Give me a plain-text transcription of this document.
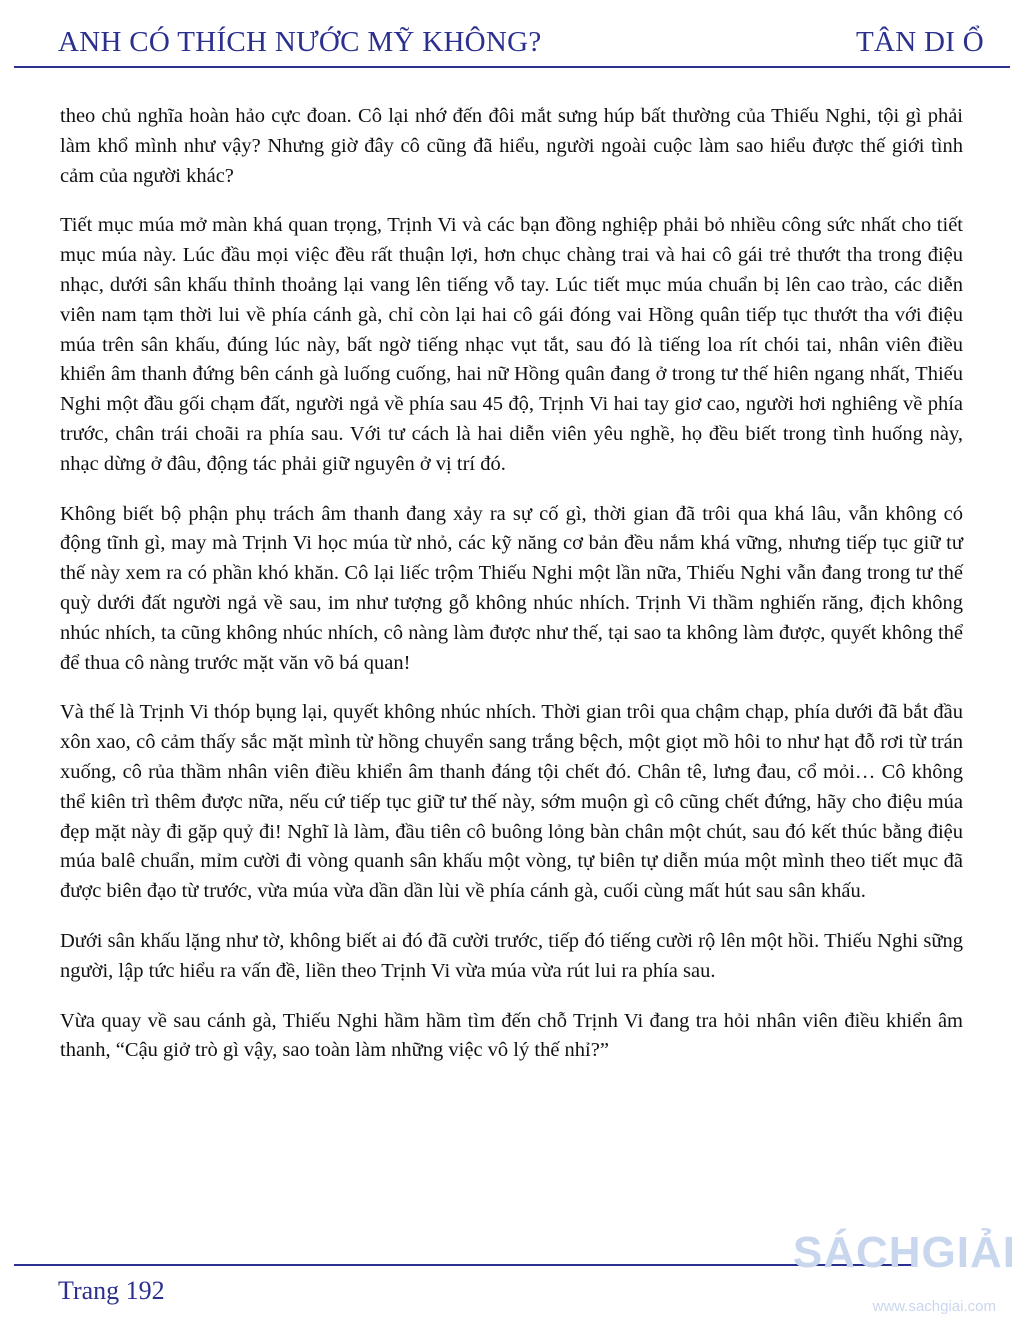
ANH CÓ THÍCH NƯỚC MỸ KHÔNG?	TÂN DI Ổ

theo chủ nghĩa hoàn hảo cực đoan. Cô lại nhớ đến đôi mắt sưng húp bất thường của Thiếu Nghi, tội gì phải làm khổ mình như vậy? Nhưng giờ đây cô cũng đã hiểu, người ngoài cuộc làm sao hiểu được thế giới tình cảm của người khác?

Tiết mục múa mở màn khá quan trọng, Trịnh Vi và các bạn đồng nghiệp phải bỏ nhiều công sức nhất cho tiết mục múa này. Lúc đầu mọi việc đều rất thuận lợi, hơn chục chàng trai và hai cô gái trẻ thướt tha trong điệu nhạc, dưới sân khấu thỉnh thoảng lại vang lên tiếng vỗ tay. Lúc tiết mục múa chuẩn bị lên cao trào, các diễn viên nam tạm thời lui về phía cánh gà, chỉ còn lại hai cô gái đóng vai Hồng quân tiếp tục thướt tha với điệu múa trên sân khấu, đúng lúc này, bất ngờ tiếng nhạc vụt tắt, sau đó là tiếng loa rít chói tai, nhân viên điều khiển âm thanh đứng bên cánh gà luống cuống, hai nữ Hồng quân đang ở trong tư thế hiên ngang nhất, Thiếu Nghi một đầu gối chạm đất, người ngả về phía sau 45 độ, Trịnh Vi hai tay giơ cao, người hơi nghiêng về phía trước, chân trái choãi ra phía sau. Với tư cách là hai diễn viên yêu nghề, họ đều biết trong tình huống này, nhạc dừng ở đâu, động tác phải giữ nguyên ở vị trí đó.

Không biết bộ phận phụ trách âm thanh đang xảy ra sự cố gì, thời gian đã trôi qua khá lâu, vẫn không có động tĩnh gì, may mà Trịnh Vi học múa từ nhỏ, các kỹ năng cơ bản đều nắm khá vững, nhưng tiếp tục giữ tư thế này xem ra có phần khó khăn. Cô lại liếc trộm Thiếu Nghi một lần nữa, Thiếu Nghi vẫn đang trong tư thế quỳ dưới đất người ngả về sau, im như tượng gỗ không nhúc nhích. Trịnh Vi thầm nghiến răng, địch không nhúc nhích, ta cũng không nhúc nhích, cô nàng làm được như thế, tại sao ta không làm được, quyết không thể để thua cô nàng trước mặt văn võ bá quan!

Và thế là Trịnh Vi thóp bụng lại, quyết không nhúc nhích. Thời gian trôi qua chậm chạp, phía dưới đã bắt đầu xôn xao, cô cảm thấy sắc mặt mình từ hồng chuyển sang trắng bệch, một giọt mồ hôi to như hạt đỗ rơi từ trán xuống, cô rủa thầm nhân viên điều khiển âm thanh đáng tội chết đó. Chân tê, lưng đau, cổ mỏi… Cô không thể kiên trì thêm được nữa, nếu cứ tiếp tục giữ tư thế này, sớm muộn gì cô cũng chết đứng, hãy cho điệu múa đẹp mặt này đi gặp quỷ đi! Nghĩ là làm, đầu tiên cô buông lỏng bàn chân một chút, sau đó kết thúc bằng điệu múa balê chuẩn, mỉm cười đi vòng quanh sân khấu một vòng, tự biên tự diễn múa một mình theo tiết mục đã được biên đạo từ trước, vừa múa vừa dần dần lùi về phía cánh gà, cuối cùng mất hút sau sân khấu.

Dưới sân khấu lặng như tờ, không biết ai đó đã cười trước, tiếp đó tiếng cười rộ lên một hồi. Thiếu Nghi sững người, lập tức hiểu ra vấn đề, liền theo Trịnh Vi vừa múa vừa rút lui ra phía sau.

Vừa quay về sau cánh gà, Thiếu Nghi hầm hầm tìm đến chỗ Trịnh Vi đang tra hỏi nhân viên điều khiển âm thanh, “Cậu giở trò gì vậy, sao toàn làm những việc vô lý thế nhỉ?”

Trang 192
SÁCHGIẢI
www.sachgiai.com
